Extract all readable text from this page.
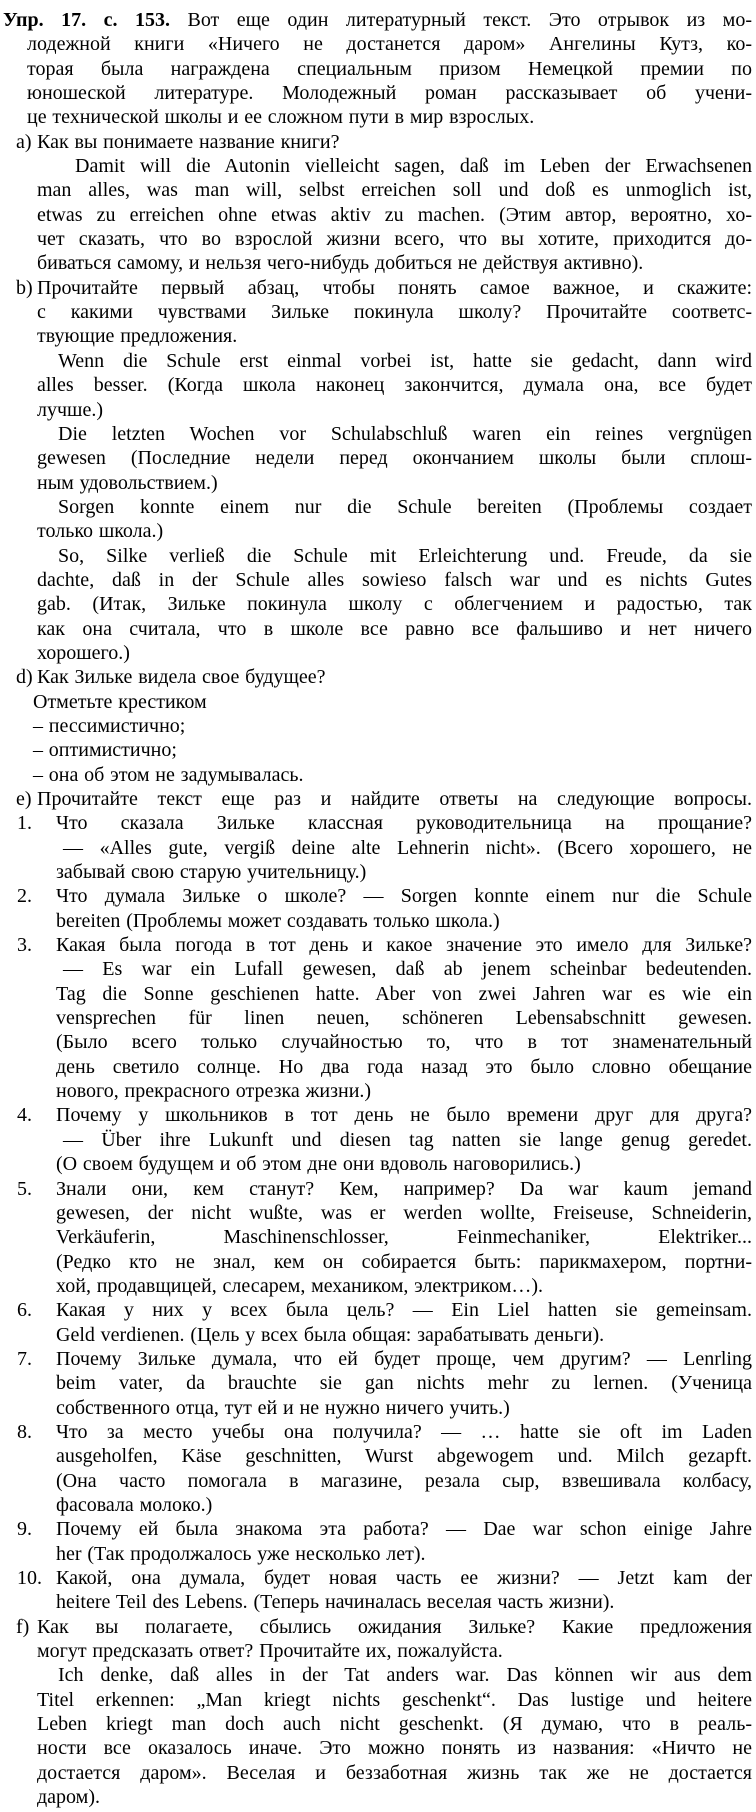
Упр. 17. с. 153. Вот еще один литературный текст. Это отрывок из мо-
лодежной книги «Ничего не достанется даром» Ангелины Кутз, ко-
торая была награждена специальным призом Немецкой премии по
юношеской литературе. Молодежный роман рассказывает об учени-
це технической школы и ее сложном пути в мир взрослых.
a) Как вы понимаете название книги?
Damit will die Autonin vielleicht sagen, daß im Leben der Erwachsenen
man alles, was man will, selbst erreichen soll und doß es unmoglich ist,
etwas zu erreichen ohne etwas aktiv zu machen. (Этим автор, вероятно, хо-
чет сказать, что во взрослой жизни всего, что вы хотите, приходится до-
биваться самому, и нельзя чего-нибудь добиться не действуя активно).
b) Прочитайте первый абзац, чтобы понять самое важное, и скажите:
с какими чувствами Зильке покинула школу? Прочитайте соответс-
твующие предложения.
Wenn die Schule erst einmal vorbei ist, hatte sie gedacht, dann wird
alles besser. (Когда школа наконец закончится, думала она, все будет
лучше.)
Die letzten Wochen vor Schulabschluß waren ein reines vergnügen
gewesen (Последние недели перед окончанием школы были сплош-
ным удовольствием.)
Sorgen konnte einem nur die Schule bereiten (Проблемы создает
только школа.)
So, Silke verließ die Schule mit Erleichterung und. Freude, da sie
dachte, daß in der Schule alles sowieso falsch war und es nichts Gutes
gab. (Итак, Зильке покинула школу с облегчением и радостью, так
как она считала, что в школе все равно все фальшиво и нет ничего
хорошего.)
d) Как Зильке видела свое будущее?
Отметьте крестиком
– пессимистично;
– оптимистично;
– она об этом не задумывалась.
e) Прочитайте текст еще раз и найдите ответы на следующие вопросы.
1.	Что сказала Зильке классная руководительница на прощание?
— «Alles gute, vergiß deine alte Lehnerin nicht». (Всего хорошего, не
забывай свою старую учительницу.)
2.	Что думала Зильке о школе? — Sorgen konnte einem nur die Schule
bereiten (Проблемы может создавать только школа.)
3.	Какая была погода в тот день и какое значение это имело для Зильке?
— Es war ein Lufall gewesen, daß ab jenem scheinbar bedeutenden.
Tag die Sonne geschienen hatte. Aber von zwei Jahren war es wie ein
vensprechen für linen neuen, schöneren Lebensabschnitt gewesen.
(Было всего только случайностью то, что в тот знаменательный
день светило солнце. Но два года назад это было словно обещание
нового, прекрасного отрезка жизни.)
4.	Почему у школьников в тот день не было времени друг для друга?
— Über ihre Lukunft und diesen tag natten sie lange genug geredet.
(О своем будущем и об этом дне они вдоволь наговорились.)
5.	Знали они, кем станут? Кем, например? Da war kaum jemand
gewesen, der nicht wußte, was er werden wollte, Freiseuse, Schneiderin,
Verkäuferin, Maschinenschlosser, Feinmechaniker, Elektriker...
(Редко кто не знал, кем он собирается быть: парикмахером, портни-
хой, продавщицей, слесарем, механиком, электриком…).
6.	Какая у них у всех была цель? — Ein Liel hatten sie gemeinsam.
Geld verdienen. (Цель у всех была общая: зарабатывать деньги).
7.	Почему Зильке думала, что ей будет проще, чем другим? — Lenrling
beim vater, da brauchte sie gan nichts mehr zu lernen. (Ученица
собственного отца, тут ей и не нужно ничего учить.)
8.	Что за место учебы она получила? — … hatte sie oft im Laden
ausgeholfen, Käse geschnitten, Wurst abgewogem und. Milch gezapft.
(Она часто помогала в магазине, резала сыр, взвешивала колбасу,
фасовала молоко.)
9.	Почему ей была знакома эта работа? — Dae war schon einige Jahre
her (Так продолжалось уже несколько лет).
10. Какой, она думала, будет новая часть ее жизни? — Jetzt kam der
heitere Teil des Lebens. (Теперь начиналась веселая часть жизни).
f) Как вы полагаете, сбылись ожидания Зильке? Какие предложения
могут предсказать ответ? Прочитайте их, пожалуйста.
Ich denke, daß alles in der Tat anders war. Das können wir aus dem
Titel erkennen: „Man kriegt nichts geschenkt“. Das lustige und heitere
Leben kriegt man doch auch nicht geschenkt. (Я думаю, что в реаль-
ности все оказалось иначе. Это можно понять из названия: «Ничто не
достается даром». Веселая и беззаботная жизнь так же не достается
даром).
